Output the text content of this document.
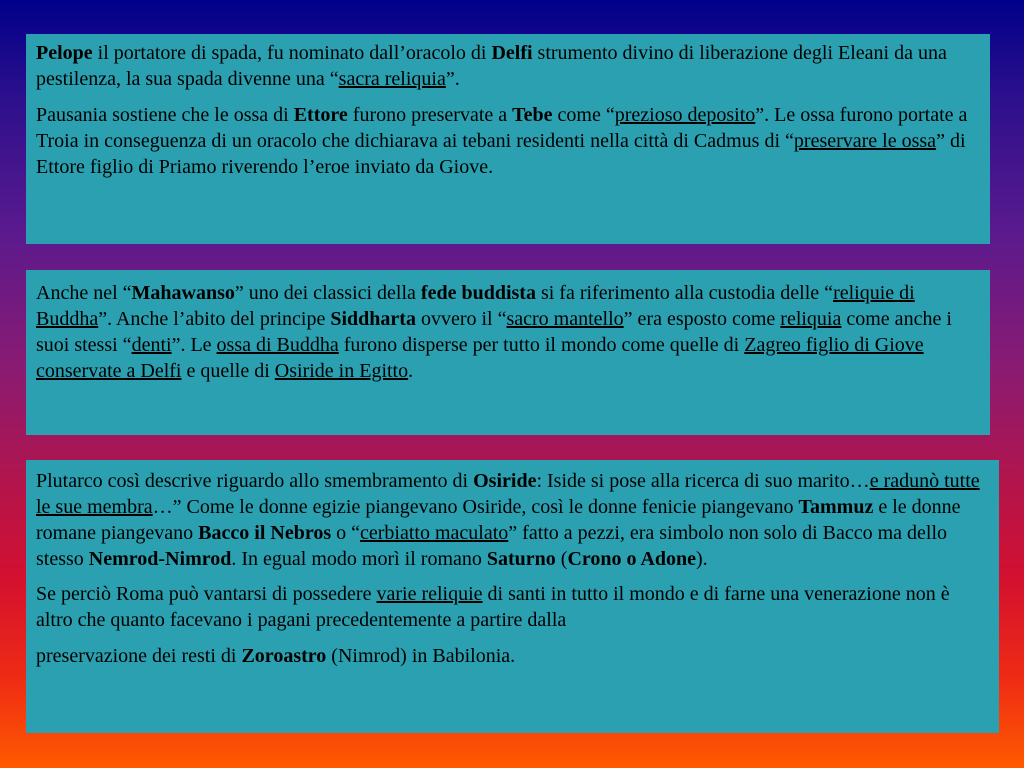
Pelope il portatore di spada, fu nominato dall’oracolo di Delfi strumento divino di liberazione degli Eleani da una pestilenza, la sua spada divenne una “sacra reliquia”.

Pausania sostiene che le ossa di Ettore furono preservate a Tebe come “prezioso deposito”. Le ossa furono portate a Troia in conseguenza di un oracolo che dichiarava ai tebani residenti nella città di Cadmus di “preservare le ossa” di Ettore figlio di Priamo riverendo l’eroe inviato da Giove.

Anche nel “Mahawanso” uno dei classici della fede buddista si fa riferimento alla custodia delle “reliquie di Buddha”. Anche l’abito del principe Siddharta ovvero il “sacro mantello” era esposto come reliquia come anche i suoi stessi “denti”. Le ossa di Buddha furono disperse per tutto il mondo come quelle di Zagreo figlio di Giove conservate a Delfi e quelle di Osiride in Egitto.

Plutarco così descrive riguardo allo smembramento di Osiride: Iside si pose alla ricerca di suo marito…e radunò tutte le sue membra…” Come le donne egizie piangevano Osiride, così le donne fenicie piangevano Tammuz e le donne romane piangevano Bacco il Nebros o “cerbiatto maculato” fatto a pezzi, era simbolo non solo di Bacco ma dello stesso Nemrod-Nimrod. In egual modo morì il romano Saturno (Crono o Adone).

Se perciò Roma può vantarsi di possedere varie reliquie di santi in tutto il mondo e di farne una venerazione non è altro che quanto facevano i pagani precedentemente a partire dalla
preservazione dei resti di Zoroastro (Nimrod) in Babilonia.
